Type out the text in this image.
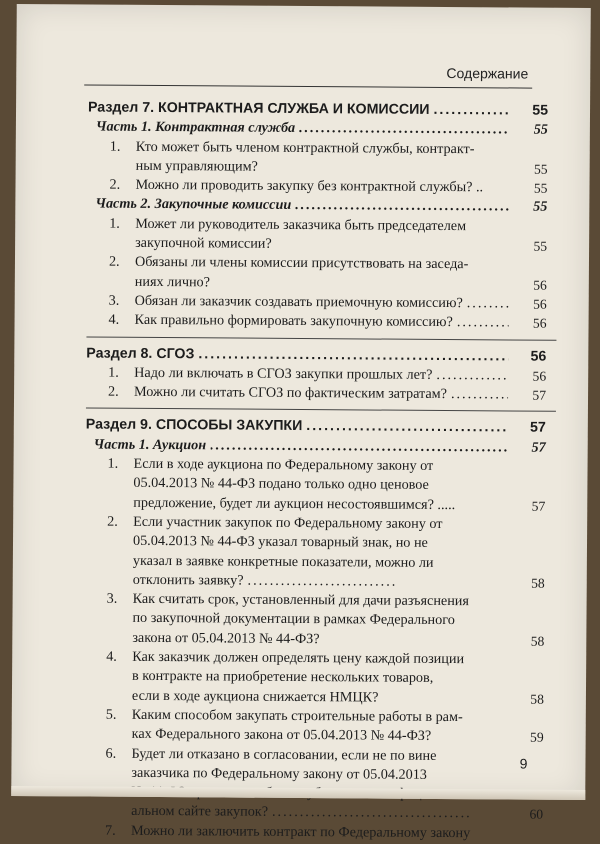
Содержание
Раздел 7. КОНТРАКТНАЯ СЛУЖБА И КОМИССИИ .....	55
Часть 1. Контрактная служба .....	55
1. Кто может быть членом контрактной службы, контракт-
ным управляющим?	55
2. Можно ли проводить закупку без контрактной службы? ..	55
Часть 2. Закупочные комиссии .....	55
1. Может ли руководитель заказчика быть председателем
закупочной комиссии?	55
2. Обязаны ли члены комиссии присутствовать на заседа-
ниях лично?	56
3. Обязан ли заказчик создавать приемочную комиссию? .....	56
4. Как правильно формировать закупочную комиссию? .....	56
Раздел 8. СГОЗ .....	56
1. Надо ли включать в СГОЗ закупки прошлых лет? .....	56
2. Можно ли считать СГОЗ по фактическим затратам? .....	57
Раздел 9. СПОСОБЫ ЗАКУПКИ .....	57
Часть 1. Аукцион .....	57
1. Если в ходе аукциона по Федеральному закону от
05.04.2013 № 44-ФЗ подано только одно ценовое
предложение, будет ли аукцион несостоявшимся? .....	57
2. Если участник закупок по Федеральному закону от
05.04.2013 № 44-ФЗ указал товарный знак, но не
указал в заявке конкретные показатели, можно ли
отклонить заявку? .....	58
3. Как считать срок, установленный для дачи разъяснения
по закупочной документации в рамках Федерального
закона от 05.04.2013 № 44-ФЗ?	58
4. Как заказчик должен определять цену каждой позиции
в контракте на приобретение нескольких товаров,
если в ходе аукциона снижается НМЦК?	58
5. Каким способом закупать строительные работы в рам-
ках Федерального закона от 05.04.2013 № 44-ФЗ?	59
6. Будет ли отказано в согласовании, если не по вине
заказчика по Федеральному закону от 05.04.2013

альном сайте закупок? .....	60
7. Можно ли заключить контракт по Федеральному закону
9
